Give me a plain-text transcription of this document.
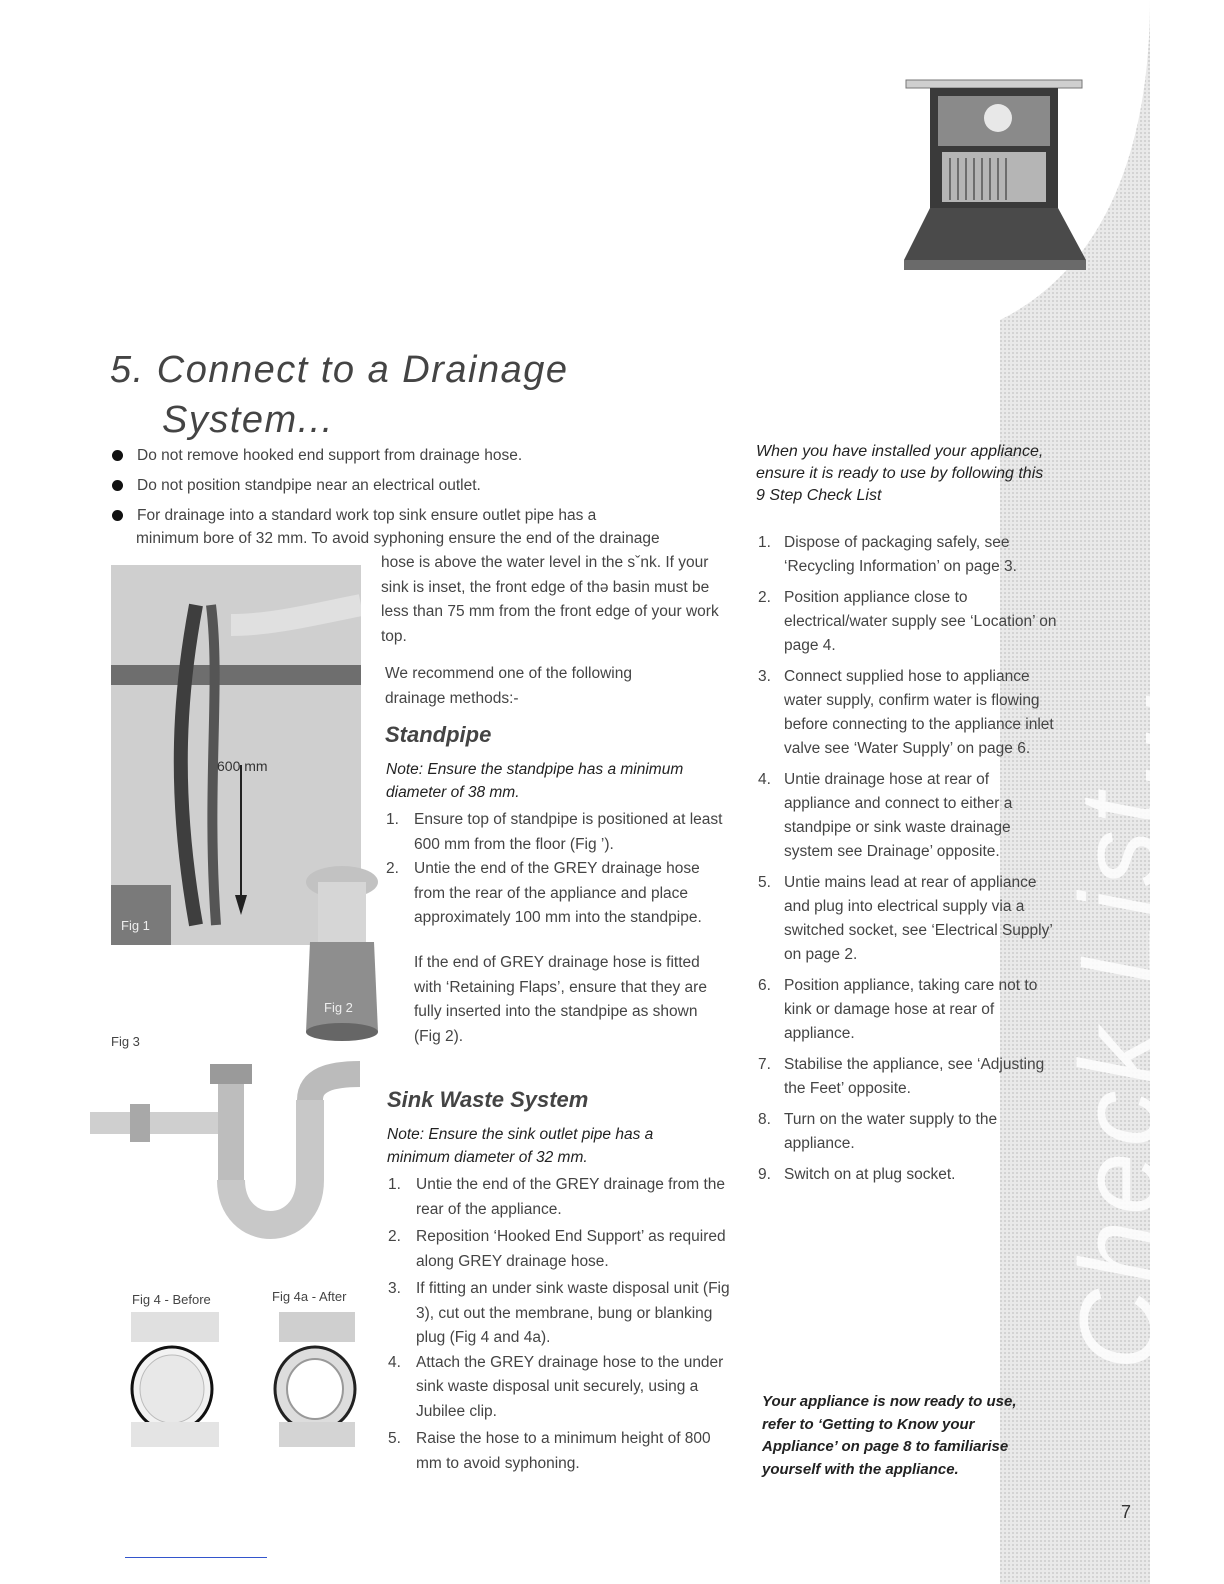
Check List...
5. Connect to a Drainage
System...
Do not remove hooked end support from drainage hose.
Do not position standpipe near an electrical outlet.
For drainage into a standard work top sink ensure outlet pipe has a
minimum bore of 32 mm. To avoid syphoning ensure the end of the drainage

hose is above the water level in the sˇnk. If your sink is inset, the front edge of thə basin must be less than 75 mm from the front edge of your work top.

We recommend one of the following drainage methods:-

600 mm
Fig 1
Fig 2
Fig 3
Standpipe
Note: Ensure the standpipe has a minimum diameter of 38 mm.
1. Ensure top of standpipe is positioned at least 600 mm from the floor (Fig ’).
2. Untie the end of the GREY drainage hose from the rear of the appliance and place approximately 100 mm into the standpipe.

If the end of GREY drainage hose is fitted with ‘Retaining Flaps’, ensure that they are fully inserted into the standpipe as shown (Fig 2).

Fig 4 - Before	Fig 4a - After
Sink Waste System
Note: Ensure the sink outlet pipe has a minimum diameter of 32 mm.
1. Untie the end of the GREY drainage from the rear of the appliance.
2. Reposition ‘Hooked End Support’ as required along GREY drainage hose.
3. If fitting an under sink waste disposal unit (Fig 3), cut out the membrane, bung or blanking plug (Fig 4 and 4a).
4. Attach the GREY drainage hose to the under sink waste disposal unit securely, using a Jubilee clip.
5. Raise the hose to a minimum height of 800 mm to avoid syphoning.
When you have installed your appliance, ensure it is ready to use by following this 9 Step Check List
1. Dispose of packaging safely, see ‘Recycling Information’ on page 3.
2. Position appliance close to electrical/water supply see ‘Location’ on page 4.
3. Connect supplied hose to appliance water supply, confirm water is flowing before connecting to the appliance inlet valve see ‘Water Supply’ on page 6.
4. Untie drainage hose at rear of appliance and connect to either a standpipe or sink waste drainage system see Drainage’ opposite.
5. Untie mains lead at rear of appliance and plug into electrical supply via a switched socket, see ‘Electrical Supply’ on page 2.
6. Position appliance, taking care not to kink or damage hose at rear of appliance.
7. Stabilise the appliance, see ‘Adjusting the Feet’ opposite.
8. Turn on the water supply to the appliance.
9. Switch on at plug socket.
Your appliance is now ready to use, refer to ‘Getting to Know your Appliance’ on page 8 to familiarise yourself with the appliance.
7
